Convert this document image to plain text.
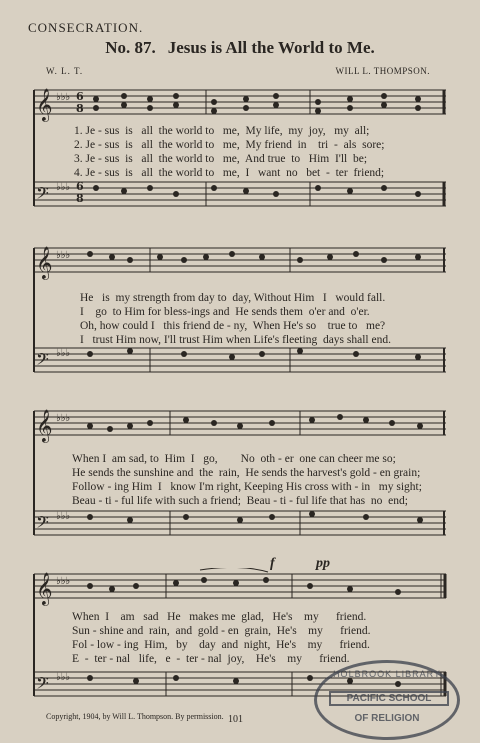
CONSECRATION.
No. 87. Jesus is All the World to Me.
W. L. T.	WILL L. THOMPSON.
𝄞
𝄢
♭♭♭
♭♭♭
6
8
6
8
1. Je - sus  is   all  the world to   me,  My life,  my  joy,   my  all;
2. Je - sus  is   all  the world to   me,  My friend  in    tri  -  als  sore;
3. Je - sus  is   all  the world to   me,  And true  to   Him  I'll  be;
4. Je - sus  is   all  the world to   me,  I   want  no   bet  -  ter  friend;
𝄞
𝄢
♭♭♭
♭♭♭
He   is  my strength from day to  day, Without Him   I   would fall.
I    go  to Him for bless-ings and  He sends them  o'er and  o'er.
Oh, how could I   this friend de - ny,  When He's so    true to   me?
I   trust Him now, I'll trust Him when Life's fleeting  days shall end.
𝄞
𝄢
♭♭♭
♭♭♭
When I  am sad, to  Him  I   go,        No  oth - er  one can cheer me so;
He sends the sunshine and  the  rain,  He sends the harvest's gold - en grain;
Follow - ing Him  I   know I'm right, Keeping His cross with - in   my sight;
Beau - ti - ful life with such a friend;  Beau - ti - ful life that has  no  end;
f	pp
𝄞
𝄢
♭♭♭
♭♭♭
When  I    am   sad   He   makes me  glad,   He's    my      friend.
Sun - shine and  rain,  and  gold - en  grain,  He's    my      friend.
Fol - low - ing  Him,   by    day  and  night,  He's    my      friend.
E  -  ter - nal   life,   e  -  ter - nal  joy,    He's    my      friend.
Copyright, 1904, by Will L. Thompson. By permission. 101
HOLBROOK LIBRARY
PACIFIC SCHOOL
OF RELIGION
